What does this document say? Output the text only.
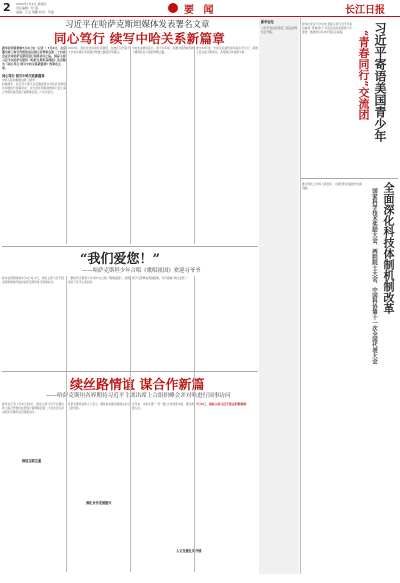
2 2024年7月4日 星期四
责任编辑：纪 春
美编：王文 胡鹏 校对：苏振	要 闻	长江日报
习近平在哈萨克斯坦媒体发表署名文章
同心笃行 续写中哈关系新篇章
新华社阿斯塔纳7月2日电（记者 ）7月2日，在应邀出席上海合作组织成员国元首理事会第二十四次会议并对哈萨克斯坦进行国事访问之际，国家主席习近平在哈萨克斯坦《哈萨克斯坦真理报》发表题为《同心笃行 续写中哈关系新篇章》的署名文章。
同心笃行 续写中哈关系新篇章
中华人民共和国主席 习近平
时隔两年，我应托卡耶夫总统邀请再次对哈萨克斯坦共和国进行国事访问，并出席在阿斯塔纳举行的上海合作组织成员国元首理事会第二十四次会议。
2013年，我首次访问哈萨克斯坦，在纳扎尔巴耶夫大学首次提出共同建设丝绸之路经济带倡议。
中哈友谊源远流长。两千多年前，张骞出使西域开辟了横贯欧亚大陆的丝绸之路。
建交32年来，中哈关系始终保持高水平运行，两国人民友谊不断深化，各领域合作成果丰硕。
新华社电
习近平致信祝贺第三届亚欧博览会开幕。	习近平寄语美国青少年
“青春同行”交流团
新华社北京7月3日电 国家主席习近平日前给参加“青春同行”交流活动的美国青少年寄语，勉励他们多来中国走走看看。
全面深化科技体制机制改革
国家科学技术奖励大会、两院院士大会、中国科协第十一次全国代表大会
推动科技工作再上新台阶，为建设科技强国作出新贡献。
“我们爱您！”
——哈萨克斯坦少年合唱《歌唱祖国》欢迎习爷爷
新华社阿斯塔纳7月2日电 2日，国家主席习近平抵达阿斯塔纳开始对哈萨克斯坦进行国事访问。
一群哈萨克斯坦少年用中文合唱《歌唱祖国》，热情欢迎习近平主席到访。
孩子们挥舞着两国国旗，齐声高喊“我们爱您！”
续丝路情谊 谋合作新篇
——哈萨克斯坦各界期待习近平主席出席上合组织峰会并对哈进行国事访问
新华社记者 7月2日至6日，国家主席习近平应邀出席上海合作组织成员国元首理事会第二十四次会议并对哈萨克斯坦进行国事访问。
推进互联互通
哈萨克斯坦各界人士表示，期待此访推动两国关系迈上新台阶。
深化合作发展振兴
近年来，中哈共建“一带一路”合作成果丰硕，惠及两国人民。
人文交流扎实开展
7月2日，国家主席习近平抵达阿斯塔纳
